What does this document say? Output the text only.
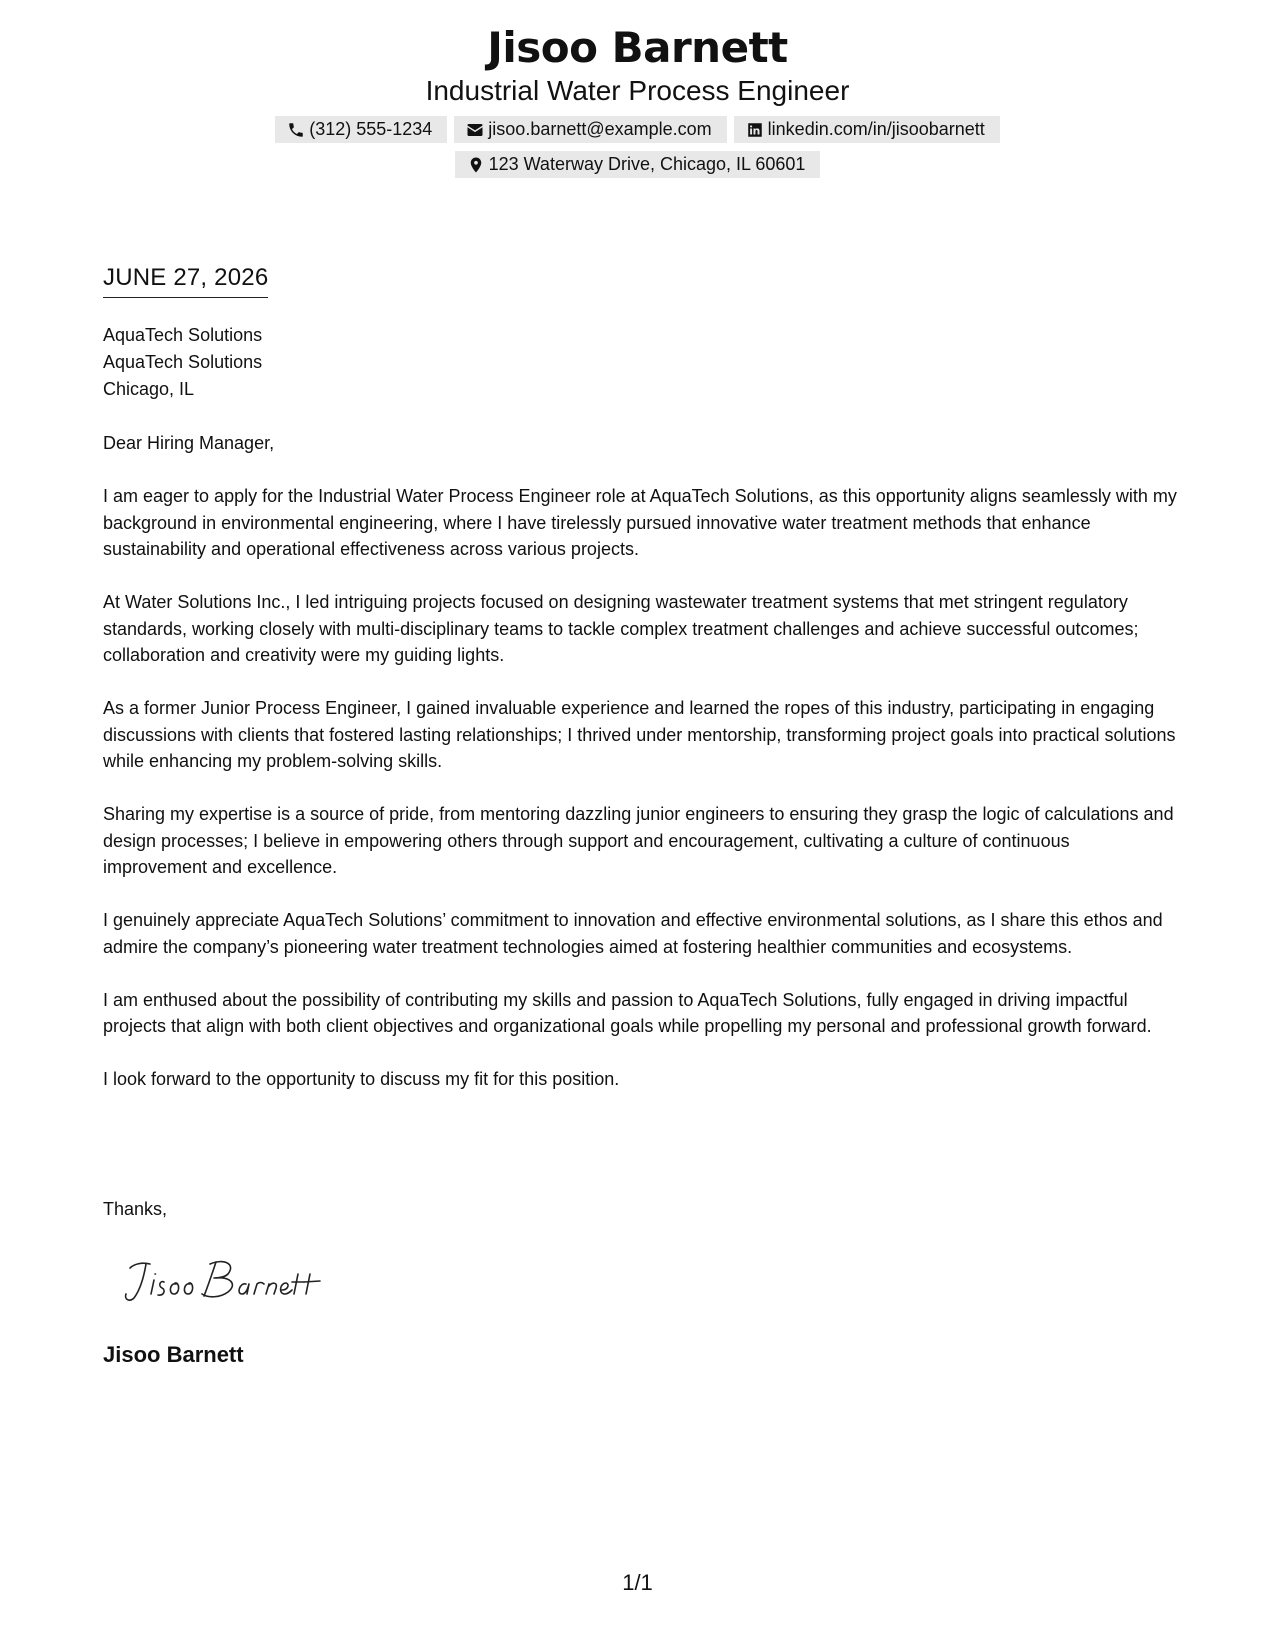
Jisoo Barnett
Industrial Water Process Engineer
(312) 555-1234	jisoo.barnett@example.com	linkedin.com/in/jisoobarnett
123 Waterway Drive, Chicago, IL 60601
JUNE 27, 2026
AquaTech Solutions
AquaTech Solutions
Chicago, IL

Dear Hiring Manager,

I am eager to apply for the Industrial Water Process Engineer role at AquaTech Solutions, as this opportunity aligns seamlessly with my background in environmental engineering, where I have tirelessly pursued innovative water treatment methods that enhance sustainability and operational effectiveness across various projects.

At Water Solutions Inc., I led intriguing projects focused on designing wastewater treatment systems that met stringent regulatory standards, working closely with multi-disciplinary teams to tackle complex treatment challenges and achieve successful outcomes; collaboration and creativity were my guiding lights.

As a former Junior Process Engineer, I gained invaluable experience and learned the ropes of this industry, participating in engaging discussions with clients that fostered lasting relationships; I thrived under mentorship, transforming project goals into practical solutions while enhancing my problem-solving skills.

Sharing my expertise is a source of pride, from mentoring dazzling junior engineers to ensuring they grasp the logic of calculations and design processes; I believe in empowering others through support and encouragement, cultivating a culture of continuous improvement and excellence.

I genuinely appreciate AquaTech Solutions’ commitment to innovation and effective environmental solutions, as I share this ethos and admire the company’s pioneering water treatment technologies aimed at fostering healthier communities and ecosystems.

I am enthused about the possibility of contributing my skills and passion to AquaTech Solutions, fully engaged in driving impactful projects that align with both client objectives and organizational goals while propelling my personal and professional growth forward.

I look forward to the opportunity to discuss my fit for this position.

Thanks,
Jisoo Barnett
1/1
